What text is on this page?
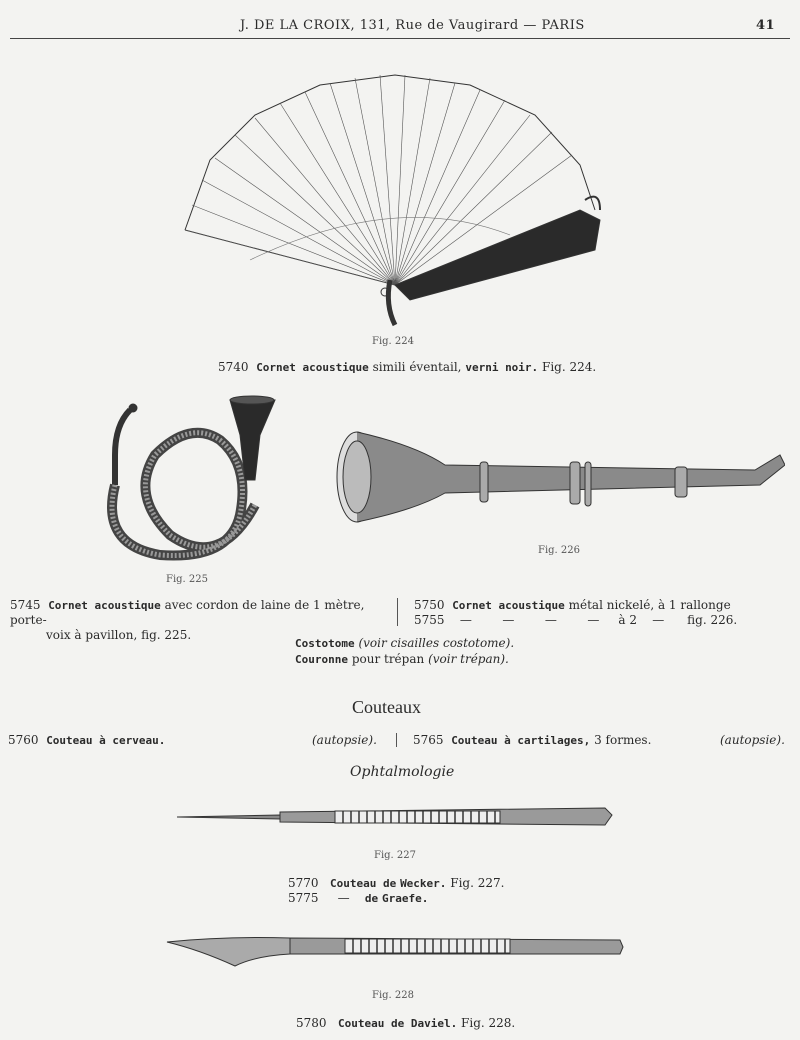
J. DE LA CROIX, 131, Rue de Vaugirard — PARIS	41
Fig. 224
5740 Cornet acoustique simili éventail, verni noir. Fig. 224.
Fig. 225
Fig. 226
5745 Cornet acoustique avec cordon de laine de 1 mètre, porte-
voix à pavillon, fig. 225.
5750 Cornet acoustique métal nickelé, à 1 rallonge
5755 —        —        —        —     à 2    —      fig. 226.
Costotome (voir cisailles costotome).
Couronne pour trépan (voir trépan).
Couteaux
5760 Couteau à cerveau.	(autopsie).	5765 Couteau à cartilages, 3 formes.	(autopsie).
Ophtalmologie
Fig. 227
5770 Couteau de Wecker. Fig. 227.
5775 — de Graefe.
Fig. 228
5780 Couteau de Daviel. Fig. 228.
